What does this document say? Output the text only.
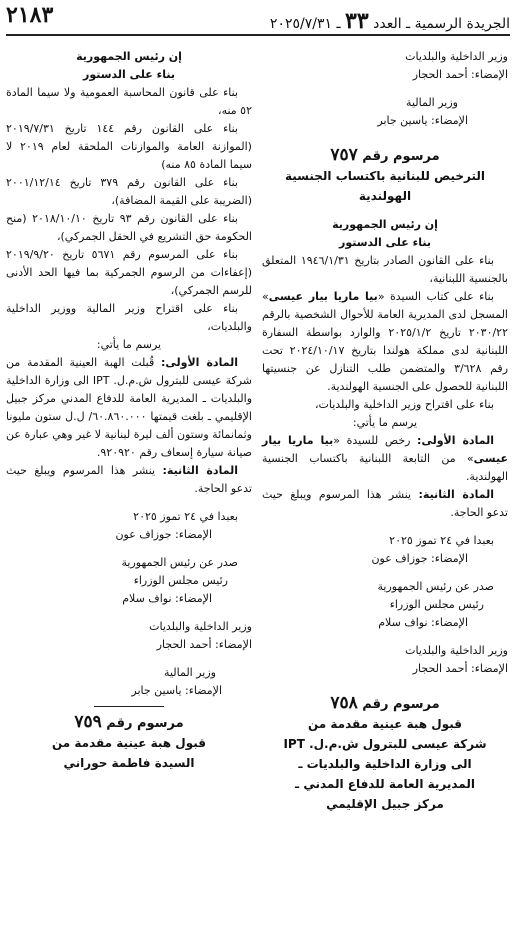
الجريدة الرسمية ـ العدد ٣٣ ـ ٢٠٢٥/٧/٣١
٢١٨٣

وزير الداخلية والبلديات

الإمضاء: أحمد الحجار

وزير المالية

الإمضاء: ياسين جابر

مرسوم رقم ٧٥٧

الترخيص للبنانية باكتساب الجنسية الهولندية

إن رئيس الجمهورية

بناء على الدستور

بناء على القانون الصادر بتاريخ ١٩٤٦/١/٣١ المتعلق بالجنسية اللبنانية،

بناء على كتاب السيدة «بيا ماريا بيار عيسى» المسجل لدى المديرية العامة للأحوال الشخصية بالرقم ٢٠٣٠/٢٢ تاريخ ٢٠٢٥/١/٢ والوارد بواسطة السفارة اللبنانية لدى مملكة هولندا بتاريخ ٢٠٢٤/١٠/١٧ تحت رقم ٣/٦٢٨ والمتضمن طلب التنازل عن جنسيتها اللبنانية للحصول على الجنسية الهولندية.

بناء على اقتراح وزير الداخلية والبلديات،

يرسم ما يأتي:

المادة الأولى: رخص للسيدة «بيا ماريا بيار عيسى» من التابعة اللبنانية باكتساب الجنسية الهولندية.

المادة الثانية: ينشر هذا المرسوم ويبلغ حيث تدعو الحاجة.

بعبدا في ٢٤ تموز ٢٠٢٥

الإمضاء: جوزاف عون

صدر عن رئيس الجمهورية

رئيس مجلس الوزراء

الإمضاء: نواف سلام

وزير الداخلية والبلديات

الإمضاء: أحمد الحجار

مرسوم رقم ٧٥٨

قبول هبة عينية مقدمة من

شركة عيسى للبترول ش.م.ل. IPT

الى وزارة الداخلية والبلديات ـ

المديرية العامة للدفاع المدني ـ

مركز جبيل الإقليمي

إن رئيس الجمهورية

بناء على الدستور

بناء على قانون المحاسبة العمومية ولا سيما المادة ٥٢ منه،

بناء على القانون رقم ١٤٤ تاريخ ٢٠١٩/٧/٣١ (الموازنة العامة والموازنات الملحقة لعام ٢٠١٩ لا سيما المادة ٨٥ منه)

بناء على القانون رقم ٣٧٩ تاريخ ٢٠٠١/١٢/١٤ (الضريبة على القيمة المضافة)،

بناء على القانون رقم ٩٣ تاريخ ٢٠١٨/١٠/١٠ (منح الحكومة حق التشريع في الحقل الجمركي)،

بناء على المرسوم رقم ٥٦٧١ تاريخ ٢٠١٩/٩/٢٠ (إعفاءات من الرسوم الجمركية بما فيها الحد الأدنى للرسم الجمركي)،

بناء على اقتراح وزير المالية ووزير الداخلية والبلديات،

يرسم ما يأتي:

المادة الأولى: قُبلت الهبة العينية المقدمة من شركة عيسى للبترول ش.م.ل. IPT الى وزارة الداخلية والبلديات ـ المديرية العامة للدفاع المدني مركز جبيل الإقليمي ـ بلغت قيمتها ٦٠.٨٦٠.٠٠٠/ ل.ل ستون مليونا وثمانمائة وستون ألف ليرة لبنانية لا غير وهي عبارة عن صيانة سيارة إسعاف رقم ٩٢٠٩٢٠.

المادة الثانية: ينشر هذا المرسوم ويبلغ حيث تدعو الحاجة.

بعبدا في ٢٤ تموز ٢٠٢٥

الإمضاء: جوزاف عون

صدر عن رئيس الجمهورية

رئيس مجلس الوزراء

الإمضاء: نواف سلام

وزير الداخلية والبلديات

الإمضاء: أحمد الحجار

وزير المالية

الإمضاء: ياسين جابر

مرسوم رقم ٧٥٩

قبول هبة عينية مقدمة من

السيدة فاطمة حوراني
